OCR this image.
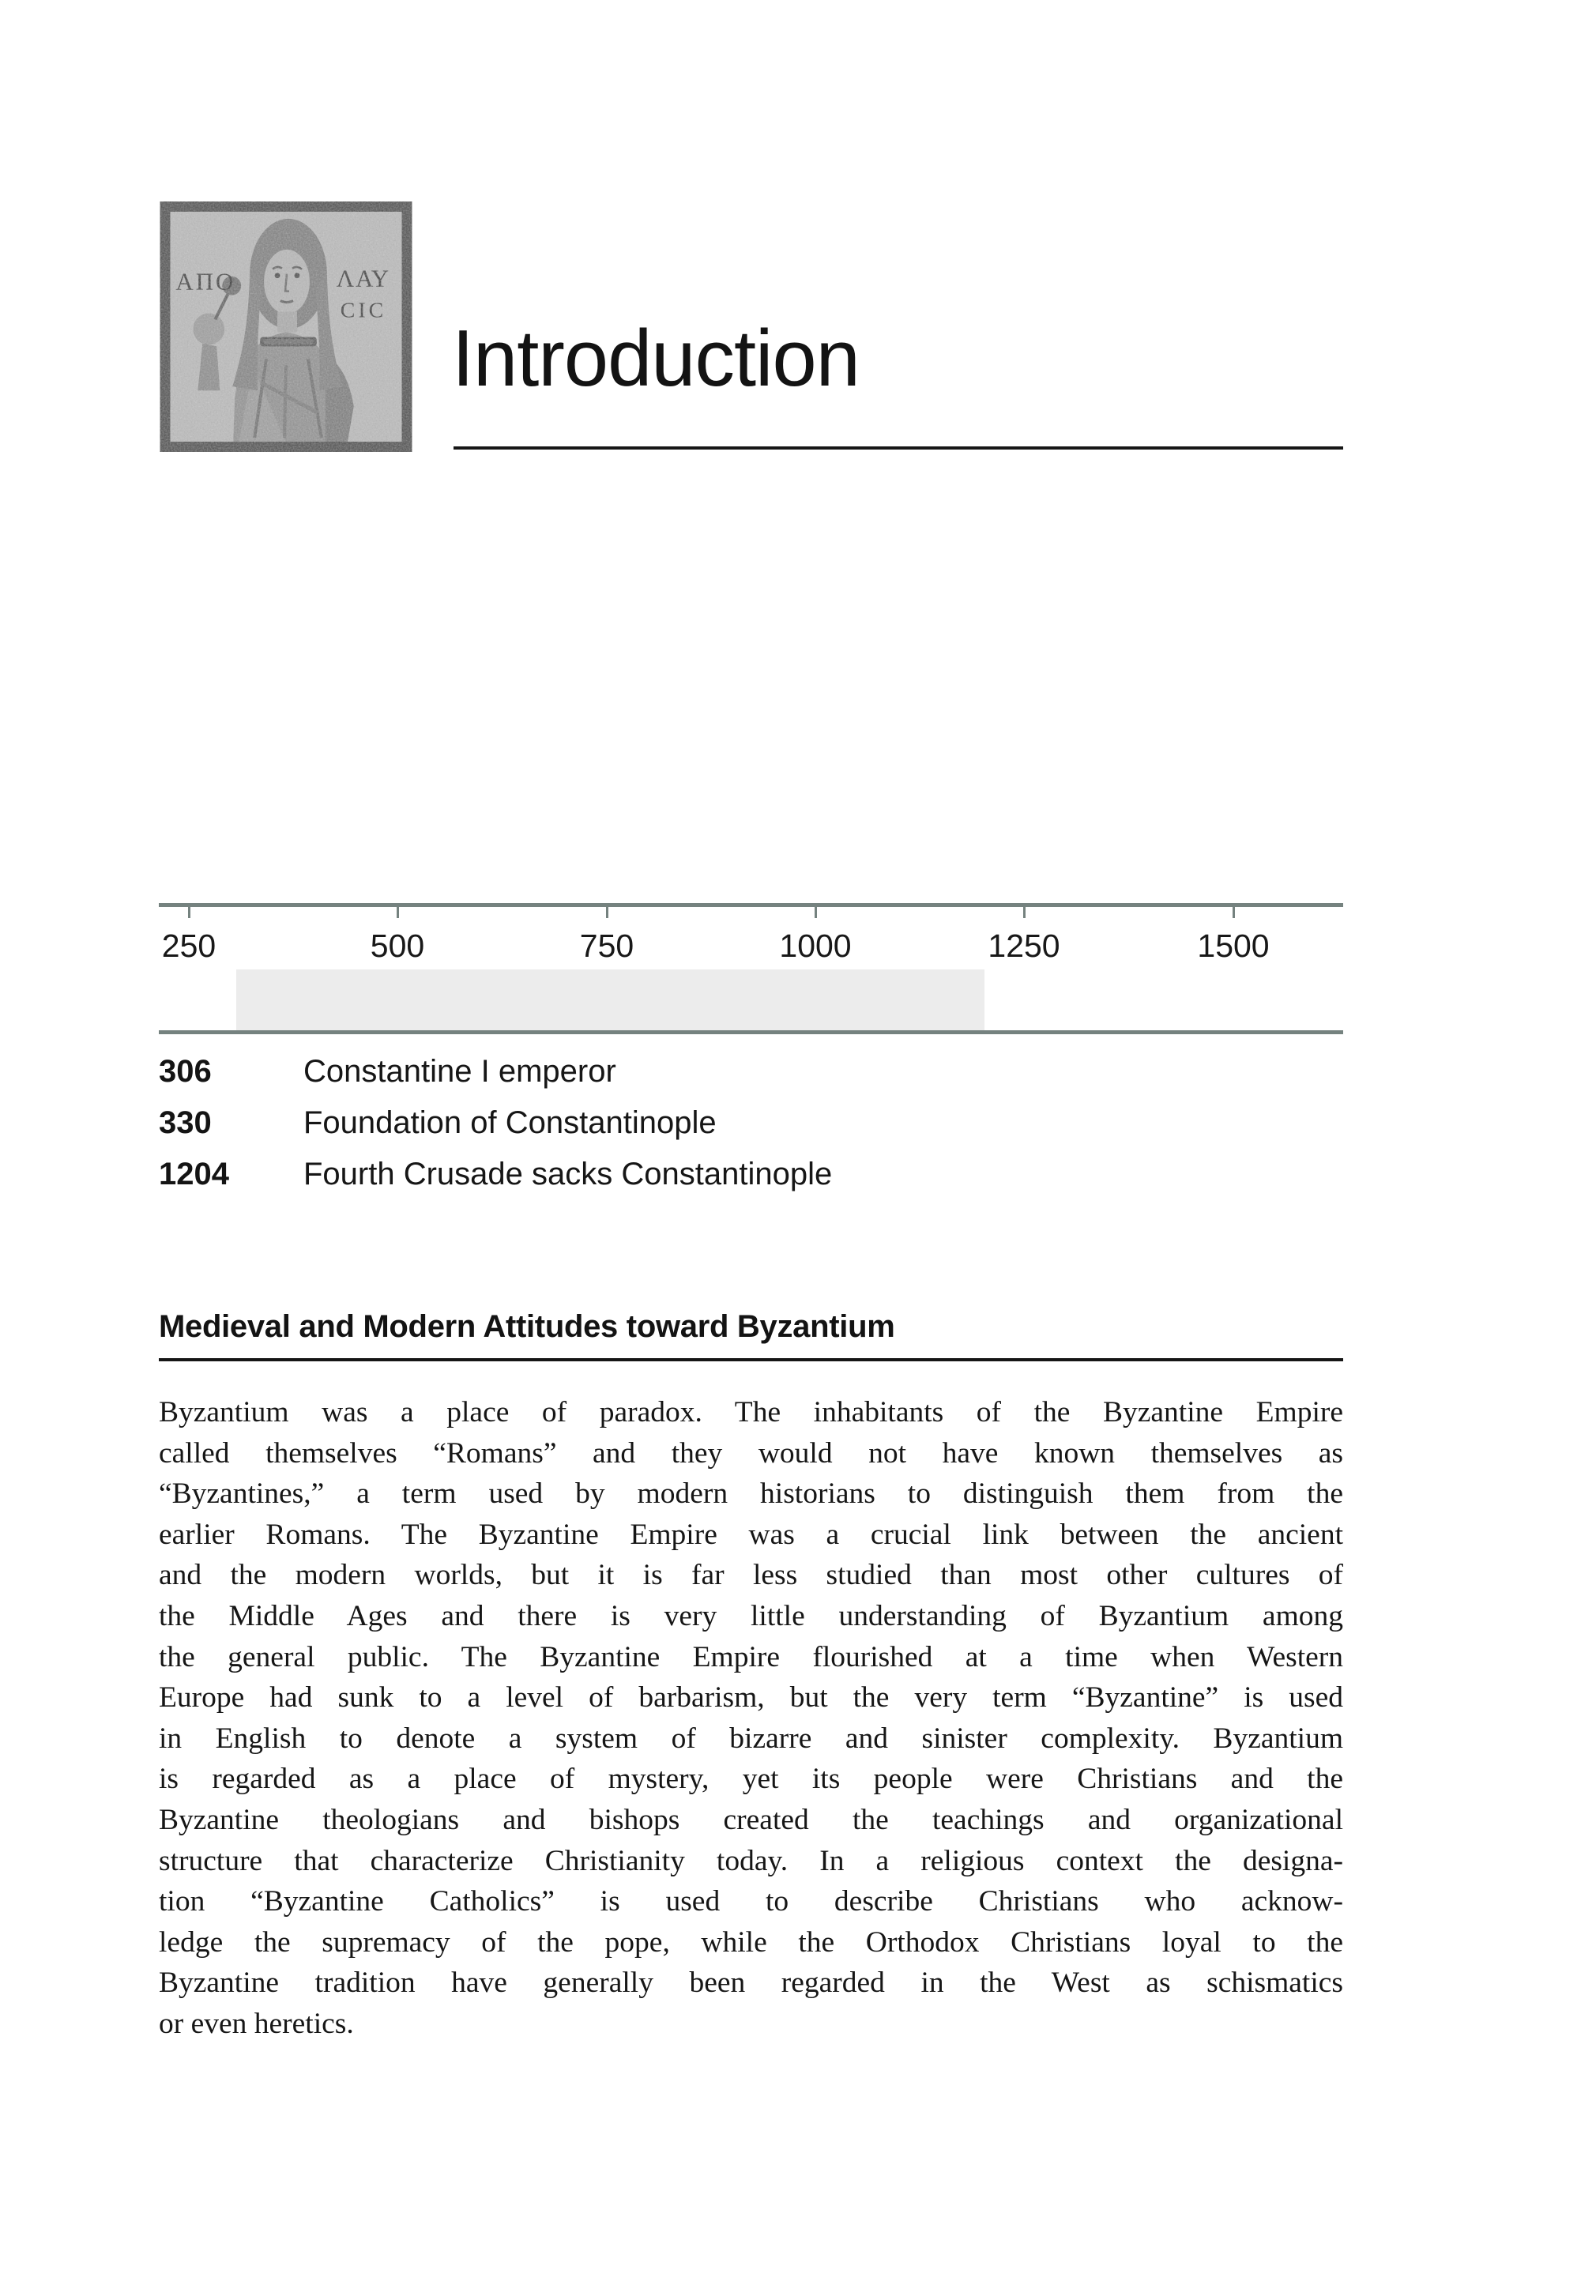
Introduction
250	500	750	1000	1250	1500
306	Constantine I emperor
330	Foundation of Constantinople
1204 Fourth Crusade sacks Constantinople
Medieval and Modern Attitudes toward Byzantium
Byzantium was a place of paradox. The inhabitants of the Byzantine Empire
called themselves “Romans” and they would not have known themselves as
“Byzantines,” a term used by modern historians to distinguish them from the
earlier Romans. The Byzantine Empire was a crucial link between the ancient
and the modern worlds, but it is far less studied than most other cultures of
the Middle Ages and there is very little understanding of Byzantium among
the general public. The Byzantine Empire flourished at a time when Western
Europe had sunk to a level of barbarism, but the very term “Byzantine” is used
in English to denote a system of bizarre and sinister complexity. Byzantium
is regarded as a place of mystery, yet its people were Christians and the
Byzantine theologians and bishops created the teachings and organizational
structure that characterize Christianity today. In a religious context the designa-
tion “Byzantine Catholics” is used to describe Christians who acknow-
ledge the supremacy of the pope, while the Orthodox Christians loyal to the
Byzantine tradition have generally been regarded in the West as schismatics
or even heretics.
